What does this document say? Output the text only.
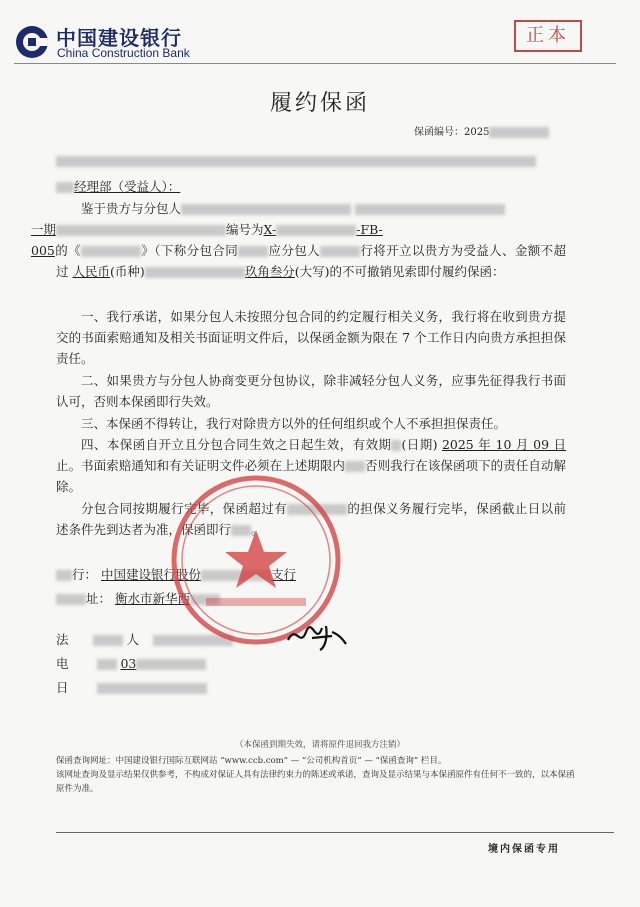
中国建设银行
China Construction Bank
正本
履约保函
保函编号：2025
经理部（受益人）：
鉴于贵方与分包人
一期	编号为X-	-FB-
005的《	》（下称分包合同 应分包人	行将开立以贵方为受益人、金额不超过 人民币(币种)	玖角叁分(大写)的不可撤销见索即付履约保函：
一、我行承诺，如果分包人未按照分包合同的约定履行相关义务，我行将在收到贵方提交的书面索赔通知及相关书面证明文件后，以保函金额为限在 7 个工作日内向贵方承担担保责任。
二、如果贵方与分包人协商变更分包协议，除非减轻分包人义务，应事先征得我行书面认可，否则本保函即行失效。
三、本保函不得转让，我行对除贵方以外的任何组织或个人不承担担保责任。
四、本保函自开立且分包合同生效之日起生效，有效期 (日期) 2025 年 10 月 09 日止。书面索赔通知和有关证明文件必须在上述期限内 否则我行在该保函项下的责任自动解除。
分包合同按期履行完毕，保函超过有	的担保义务履行完毕，保函截止日以前述条件先到达者为准，保函即行 。
行： 中国建设银行股份	支行
址： 衡水市新华西
法	人
电	03
日
（本保函到期失效，请将原件退回我方注销）
保函查询网址：中国建设银行国际互联网站 “www.ccb.com” — “公司机构首页” — “保函查询” 栏目。
该网址查询及显示结果仅供参考，不构成对保证人具有法律约束力的陈述或承诺，查询及显示结果与本保函原件有任何不一致的，以本保函原件为准。
境内保函专用
